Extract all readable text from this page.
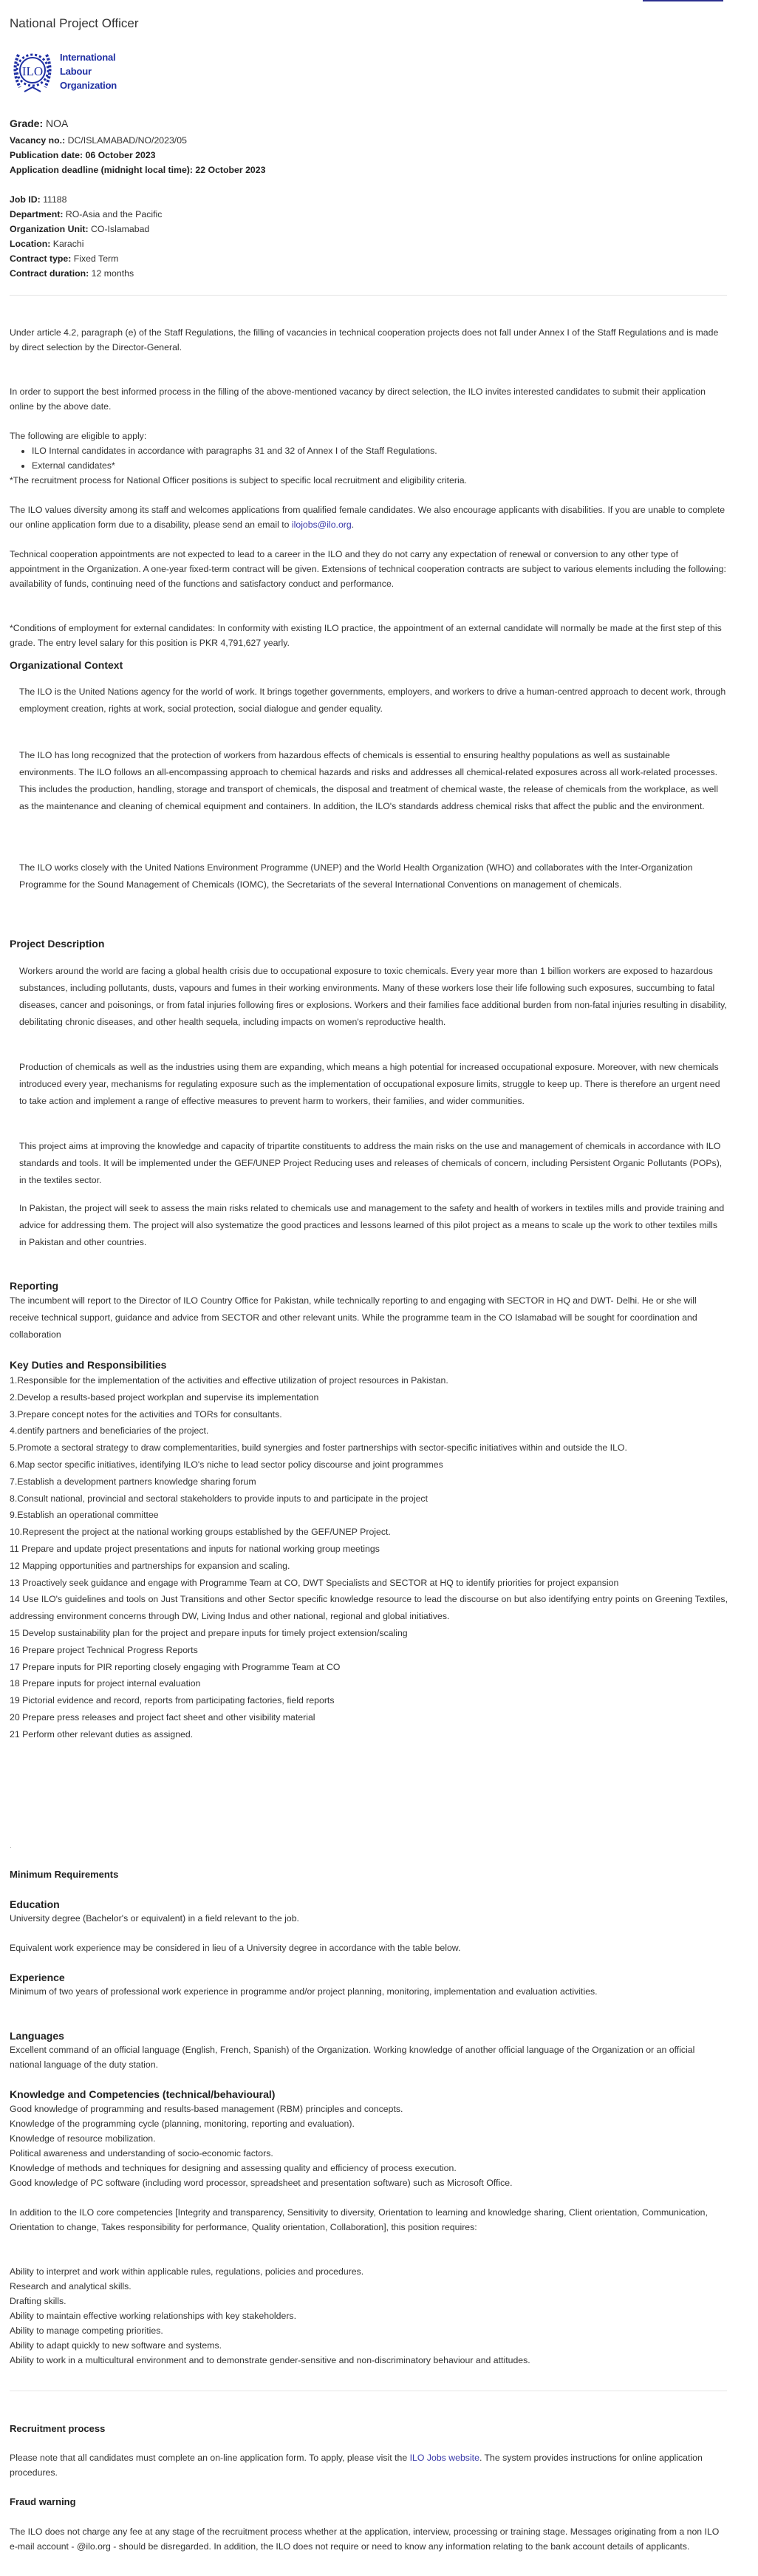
National Project Officer
ILO
International
Labour
Organization
Grade: NOA
Vacancy no.: DC/ISLAMABAD/NO/2023/05
Publication date: 06 October 2023
Application deadline (midnight local time): 22 October 2023
Job ID: 11188
Department: RO-Asia and the Pacific
Organization Unit: CO-Islamabad
Location: Karachi
Contract type: Fixed Term
Contract duration: 12 months

Under article 4.2, paragraph (e) of the Staff Regulations, the filling of vacancies in technical cooperation projects does not fall under Annex I of the Staff Regulations and is made by direct selection by the Director-General.

In order to support the best informed process in the filling of the above-mentioned vacancy by direct selection, the ILO invites interested candidates to submit their application online by the above date.

The following are eligible to apply:
• ILO Internal candidates in accordance with paragraphs 31 and 32 of Annex I of the Staff Regulations.
• External candidates*
*The recruitment process for National Officer positions is subject to specific local recruitment and eligibility criteria.

The ILO values diversity among its staff and welcomes applications from qualified female candidates. We also encourage applicants with disabilities. If you are unable to complete our online application form due to a disability, please send an email to ilojobs@ilo.org.

Technical cooperation appointments are not expected to lead to a career in the ILO and they do not carry any expectation of renewal or conversion to any other type of appointment in the Organization. A one-year fixed-term contract will be given. Extensions of technical cooperation contracts are subject to various elements including the following: availability of funds, continuing need of the functions and satisfactory conduct and performance.

*Conditions of employment for external candidates: In conformity with existing ILO practice, the appointment of an external candidate will normally be made at the first step of this grade. The entry level salary for this position is PKR 4,791,627 yearly.

Organizational Context

The ILO is the United Nations agency for the world of work. It brings together governments, employers, and workers to drive a human-centred approach to decent work, through employment creation, rights at work, social protection, social dialogue and gender equality.

The ILO has long recognized that the protection of workers from hazardous effects of chemicals is essential to ensuring healthy populations as well as sustainable environments. The ILO follows an all-encompassing approach to chemical hazards and risks and addresses all chemical-related exposures across all work-related processes. This includes the production, handling, storage and transport of chemicals, the disposal and treatment of chemical waste, the release of chemicals from the workplace, as well as the maintenance and cleaning of chemical equipment and containers. In addition, the ILO's standards address chemical risks that affect the public and the environment.

The ILO works closely with the United Nations Environment Programme (UNEP) and the World Health Organization (WHO) and collaborates with the Inter-Organization Programme for the Sound Management of Chemicals (IOMC), the Secretariats of the several International Conventions on management of chemicals.

Project Description

Workers around the world are facing a global health crisis due to occupational exposure to toxic chemicals. Every year more than 1 billion workers are exposed to hazardous substances, including pollutants, dusts, vapours and fumes in their working environments. Many of these workers lose their life following such exposures, succumbing to fatal diseases, cancer and poisonings, or from fatal injuries following fires or explosions. Workers and their families face additional burden from non-fatal injuries resulting in disability, debilitating chronic diseases, and other health sequela, including impacts on women's reproductive health.

Production of chemicals as well as the industries using them are expanding, which means a high potential for increased occupational exposure. Moreover, with new chemicals introduced every year, mechanisms for regulating exposure such as the implementation of occupational exposure limits, struggle to keep up. There is therefore an urgent need to take action and implement a range of effective measures to prevent harm to workers, their families, and wider communities.

This project aims at improving the knowledge and capacity of tripartite constituents to address the main risks on the use and management of chemicals in accordance with ILO standards and tools. It will be implemented under the GEF/UNEP Project Reducing uses and releases of chemicals of concern, including Persistent Organic Pollutants (POPs), in the textiles sector.

In Pakistan, the project will seek to assess the main risks related to chemicals use and management to the safety and health of workers in textiles mills and provide training and advice for addressing them. The project will also systematize the good practices and lessons learned of this pilot project as a means to scale up the work to other textiles mills in Pakistan and other countries.

Reporting

The incumbent will report to the Director of ILO Country Office for Pakistan, while technically reporting to and engaging with SECTOR in HQ and DWT- Delhi. He or she will receive technical support, guidance and advice from SECTOR and other relevant units. While the programme team in the CO Islamabad will be sought for coordination and collaboration

Key Duties and Responsibilities
1.Responsible for the implementation of the activities and effective utilization of project resources in Pakistan.
2.Develop a results-based project workplan and supervise its implementation
3.Prepare concept notes for the activities and TORs for consultants.
4.dentify partners and beneficiaries of the project.
5.Promote a sectoral strategy to draw complementarities, build synergies and foster partnerships with sector-specific initiatives within and outside the ILO.
6.Map sector specific initiatives, identifying ILO's niche to lead sector policy discourse and joint programmes
7.Establish a development partners knowledge sharing forum
8.Consult national, provincial and sectoral stakeholders to provide inputs to and participate in the project
9.Establish an operational committee
10.Represent the project at the national working groups established by the GEF/UNEP Project.
11 Prepare and update project presentations and inputs for national working group meetings
12 Mapping opportunities and partnerships for expansion and scaling.
13 Proactively seek guidance and engage with Programme Team at CO, DWT Specialists and SECTOR at HQ to identify priorities for project expansion
14 Use ILO's guidelines and tools on Just Transitions and other Sector specific knowledge resource to lead the discourse on but also identifying entry points on Greening Textiles, addressing environment concerns through DW, Living Indus and other national, regional and global initiatives.
15 Develop sustainability plan for the project and prepare inputs for timely project extension/scaling
16 Prepare project Technical Progress Reports
17 Prepare inputs for PIR reporting closely engaging with Programme Team at CO
18 Prepare inputs for project internal evaluation
19 Pictorial evidence and record, reports from participating factories, field reports
20 Prepare press releases and project fact sheet and other visibility material
21 Perform other relevant duties as assigned.
Minimum Requirements
Education

University degree (Bachelor's or equivalent) in a field relevant to the job.

Equivalent work experience may be considered in lieu of a University degree in accordance with the table below.

Experience

Minimum of two years of professional work experience in programme and/or project planning, monitoring, implementation and evaluation activities.

Languages

Excellent command of an official language (English, French, Spanish) of the Organization. Working knowledge of another official language of the Organization or an official national language of the duty station.

Knowledge and Competencies (technical/behavioural)
Good knowledge of programming and results-based management (RBM) principles and concepts.
Knowledge of the programming cycle (planning, monitoring, reporting and evaluation).
Knowledge of resource mobilization.
Political awareness and understanding of socio-economic factors.
Knowledge of methods and techniques for designing and assessing quality and efficiency of process execution.
Good knowledge of PC software (including word processor, spreadsheet and presentation software) such as Microsoft Office.

In addition to the ILO core competencies [Integrity and transparency, Sensitivity to diversity, Orientation to learning and knowledge sharing, Client orientation, Communication, Orientation to change, Takes responsibility for performance, Quality orientation, Collaboration], this position requires:

Ability to interpret and work within applicable rules, regulations, policies and procedures.
Research and analytical skills.
Drafting skills.
Ability to maintain effective working relationships with key stakeholders.
Ability to manage competing priorities.
Ability to adapt quickly to new software and systems.
Ability to work in a multicultural environment and to demonstrate gender-sensitive and non-discriminatory behaviour and attitudes.
Recruitment process

Please note that all candidates must complete an on-line application form. To apply, please visit the ILO Jobs website. The system provides instructions for online application procedures.

Fraud warning

The ILO does not charge any fee at any stage of the recruitment process whether at the application, interview, processing or training stage. Messages originating from a non ILO e-mail account - @ilo.org - should be disregarded. In addition, the ILO does not require or need to know any information relating to the bank account details of applicants.
